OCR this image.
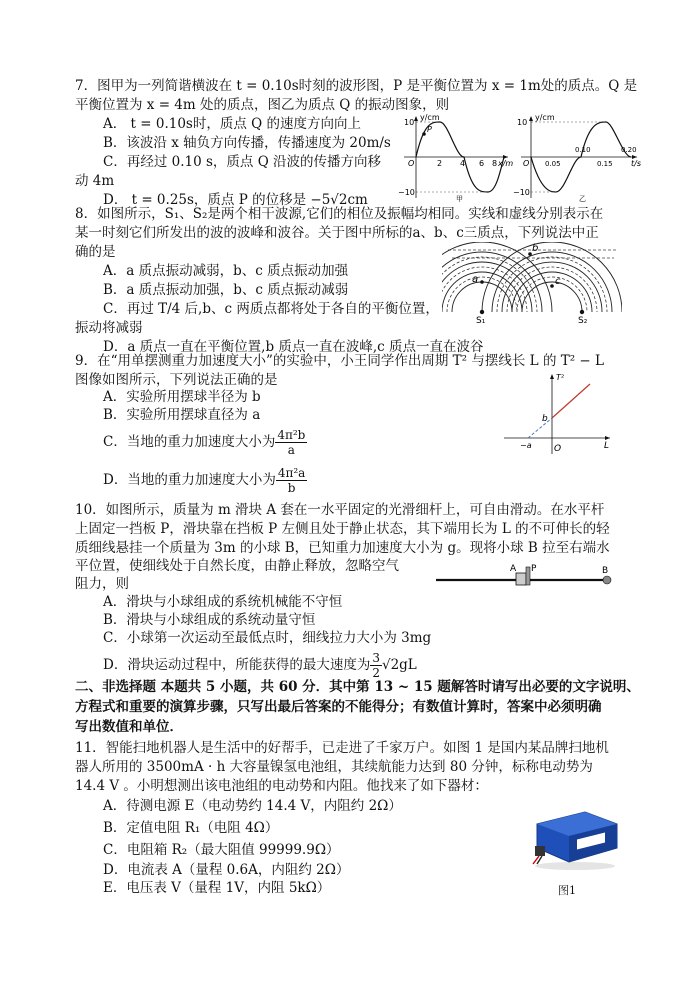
7．图甲为一列简谐横波在 t = 0.10s时刻的波形图，P 是平衡位置为 x = 1m处的质点。Q 是
平衡位置为 x = 4m 处的质点，图乙为质点 Q 的振动图象，则
A． t = 0.10s时，质点 Q 的速度方向向上
B．该波沿 x 轴负方向传播，传播速度为 20m/s
C．再经过 0.10 s，质点 Q 沿波的传播方向移
动 4m
D． t = 0.25s，质点 P 的位移是 −5√2cm
y/cm
10
−10
O
P
2 4 6 8 x/m
甲
y/cm
10
−10
O 0.05
0.10
0.15
0.20
t/s
乙
8．如图所示，S₁、S₂是两个相干波源,它们的相位及振幅均相同。实线和虚线分别表示在
某一时刻它们所发出的波的波峰和波谷。关于图中所标的a、b、c三质点，下列说法中正
确的是
A．a 质点振动减弱，b、c 质点振动加强
B．a 质点振动加强，b、c 质点振动减弱
C．再过 T/4 后,b、c 两质点都将处于各自的平衡位置，
振动将减弱
D．a 质点一直在平衡位置,b 质点一直在波峰,c 质点一直在波谷
b
a	c
S₁	S₂
9．在“用单摆测重力加速度大小”的实验中，小王同学作出周期 T² 与摆线长 L 的 T² − L
图像如图所示，下列说法正确的是
A．实验所用摆球半径为 b
B．实验所用摆球直径为 a
C．当地的重力加速度大小为 $\frac{\text{4π²b}}{a}$
D．当地的重力加速度大小为 $\frac{\text{4π²a}}{b}$
T²
L
b
O
−a
10．如图所示，质量为 m 滑块 A 套在一水平固定的光滑细杆上，可自由滑动。在水平杆
上固定一挡板 P，滑块靠在挡板 P 左侧且处于静止状态，其下端用长为 L 的不可伸长的轻
质细线悬挂一个质量为 3m 的小球 B，已知重力加速度大小为 g。现将小球 B 拉至右端水
平位置，使细线处于自然长度，由静止释放，忽略空气
阻力，则
A．滑块与小球组成的系统机械能不守恒
B．滑块与小球组成的系统动量守恒
C．小球第一次运动至最低点时，细线拉力大小为 3mg
D．滑块运动过程中，所能获得的最大速度为 $\frac{3}{2} √2gL$
A P	B
二、非选择题 本题共 5 小题，共 60 分．其中第 13 ~ 15 题解答时请写出必要的文字说明、
方程式和重要的演算步骤，只写出最后答案的不能得分；有数值计算时，答案中必须明确
写出数值和单位．
11．智能扫地机器人是生活中的好帮手，已走进了千家万户。如图 1 是国内某品牌扫地机
器人所用的 3500mA · h 大容量镍氢电池组，其续航能力达到 80 分钟，标称电动势为
14.4 V 。小明想测出该电池组的电动势和内阻。他找来了如下器材：
A．待测电源 E（电动势约 14.4 V，内阻约 2Ω）
B．定值电阻 R₁（电阻 4Ω）
C．电阻箱 R₂（最大阻值 99999.9Ω）
D．电流表 A（量程 0.6A，内阻约 2Ω）
E．电压表 V（量程 1V，内阻 5kΩ）	图1
